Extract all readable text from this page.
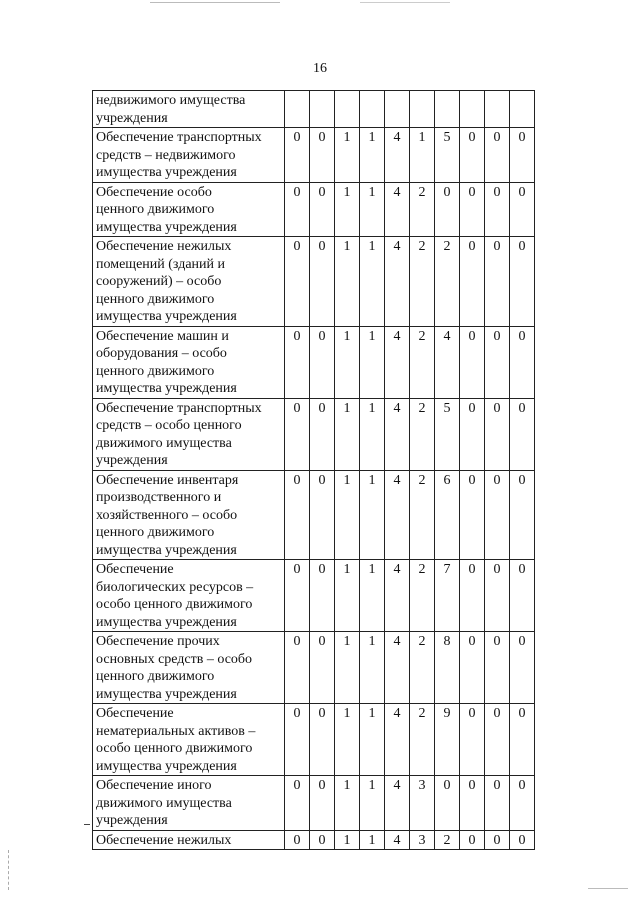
16
недвижимого имущества
учреждения										
Обеспечение транспортных
средств – недвижимого
имущества учреждения	0	0	1	1	4	1	5	0	0	0
Обеспечение особо
ценного движимого
имущества учреждения	0	0	1	1	4	2	0	0	0	0
Обеспечение нежилых
помещений (зданий и
сооружений) – особо
ценного движимого
имущества учреждения	0	0	1	1	4	2	2	0	0	0
Обеспечение машин и
оборудования – особо
ценного движимого
имущества учреждения	0	0	1	1	4	2	4	0	0	0
Обеспечение транспортных
средств – особо ценного
движимого имущества
учреждения	0	0	1	1	4	2	5	0	0	0
Обеспечение инвентаря
производственного и
хозяйственного – особо
ценного движимого
имущества учреждения	0	0	1	1	4	2	6	0	0	0
Обеспечение
биологических ресурсов –
особо ценного движимого
имущества учреждения	0	0	1	1	4	2	7	0	0	0
Обеспечение прочих
основных средств – особо
ценного движимого
имущества учреждения	0	0	1	1	4	2	8	0	0	0
Обеспечение
нематериальных активов –
особо ценного движимого
имущества учреждения	0	0	1	1	4	2	9	0	0	0
Обеспечение иного
движимого имущества
учреждения	0	0	1	1	4	3	0	0	0	0
Обеспечение нежилых	0	0	1	1	4	3	2	0	0	0
